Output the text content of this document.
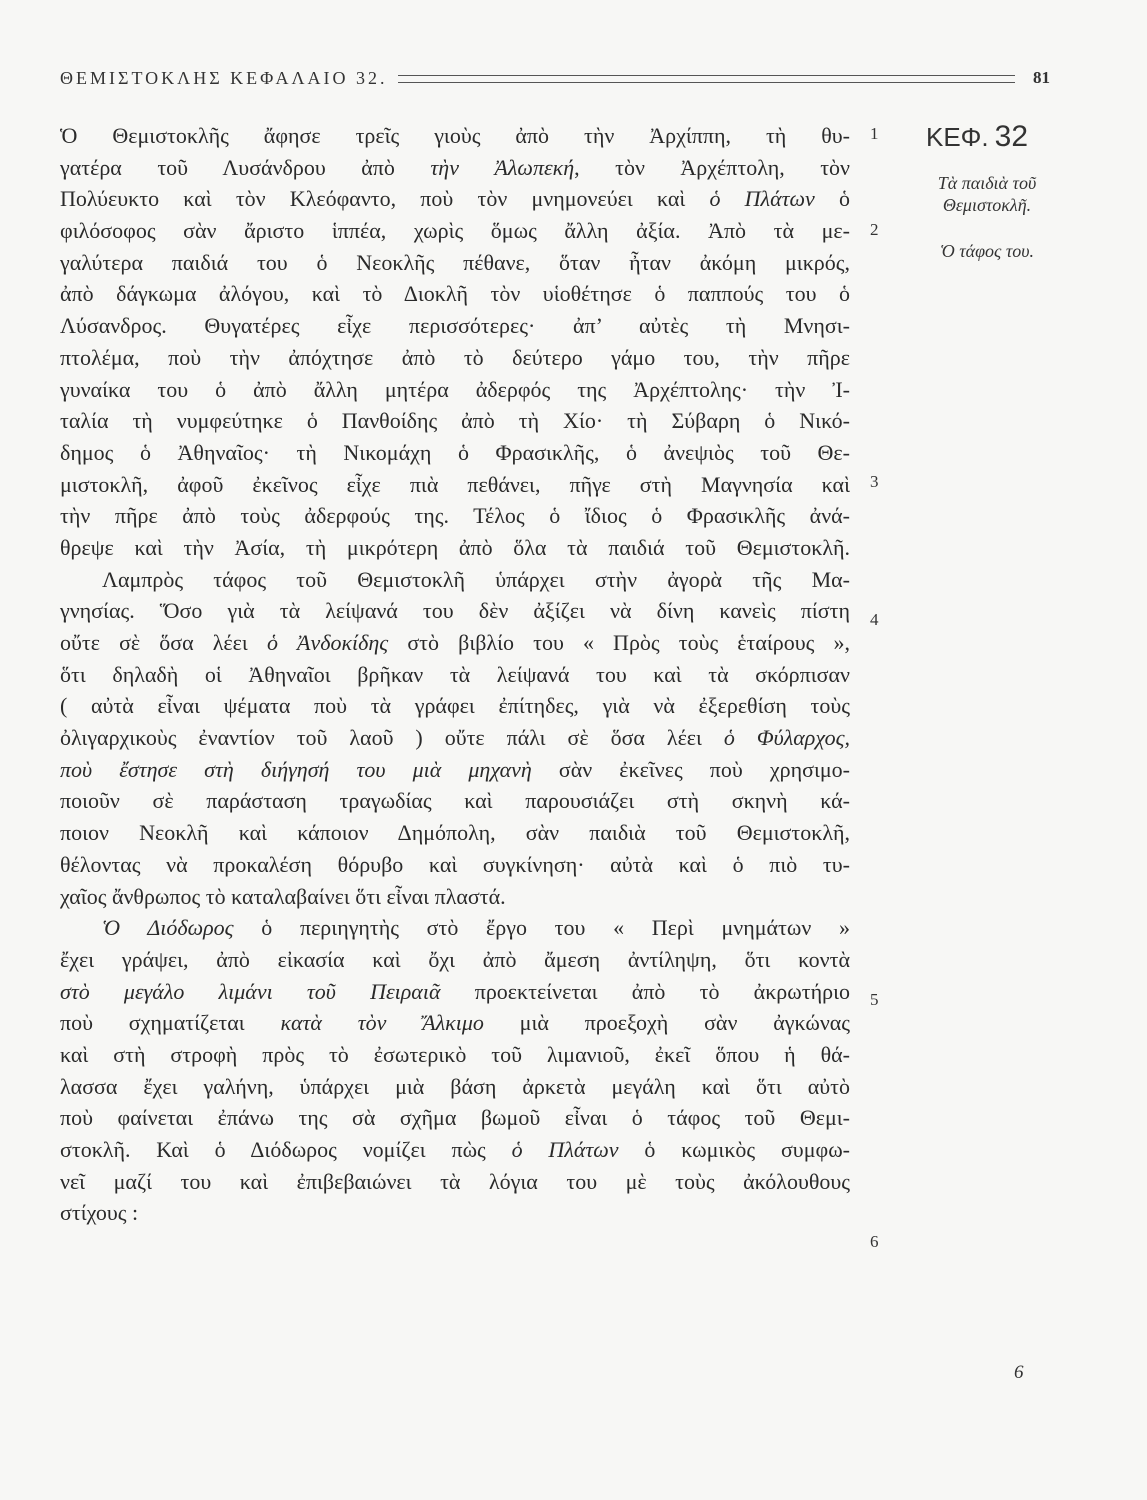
ΘΕΜΙΣΤΟΚΛΗΣ ΚΕΦΑΛΑΙΟ 32.	81
ΚΕΦ. 32
Τὰ παιδιὰ τοῦ Θεμιστοκλῆ.
Ὁ τάφος του.
1
2
3
4
5
6
Ὁ Θεμιστοκλῆς ἄφησε τρεῖς γιοὺς ἀπὸ τὴν Ἀρχίππη, τὴ θυ-
γατέρα τοῦ Λυσάνδρου ἀπὸ τὴν Ἀλωπεκή, τὸν Ἀρχέπτολη, τὸν
Πολύευκτο καὶ τὸν Κλεόφαντο, ποὺ τὸν μνημονεύει καὶ ὁ Πλάτων ὁ
φιλόσοφος σὰν ἄριστο ἱππέα, χωρὶς ὅμως ἄλλη ἀξία. Ἀπὸ τὰ με-
γαλύτερα παιδιά του ὁ Νεοκλῆς πέθανε, ὅταν ἦταν ἀκόμη μικρός,
ἀπὸ δάγκωμα ἀλόγου, καὶ τὸ Διοκλῆ τὸν υἱοθέτησε ὁ παππούς του ὁ
Λύσανδρος. Θυγατέρες εἶχε περισσότερες· ἀπ’ αὐτὲς τὴ Μνησι-
πτολέμα, ποὺ τὴν ἀπόχτησε ἀπὸ τὸ δεύτερο γάμο του, τὴν πῆρε
γυναίκα του ὁ ἀπὸ ἄλλη μητέρα ἀδερφός της Ἀρχέπτολης· τὴν Ἰ-
ταλία τὴ νυμφεύτηκε ὁ Πανθοίδης ἀπὸ τὴ Χίο· τὴ Σύβαρη ὁ Νικό-
δημος ὁ Ἀθηναῖος· τὴ Νικομάχη ὁ Φρασικλῆς, ὁ ἀνεψιὸς τοῦ Θε-
μιστοκλῆ, ἀφοῦ ἐκεῖνος εἶχε πιὰ πεθάνει, πῆγε στὴ Μαγνησία καὶ
τὴν πῆρε ἀπὸ τοὺς ἀδερφούς της. Τέλος ὁ ἴδιος ὁ Φρασικλῆς ἀνά-
θρεψε καὶ τὴν Ἀσία, τὴ μικρότερη ἀπὸ ὅλα τὰ παιδιά τοῦ Θεμιστοκλῆ.
Λαμπρὸς τάφος τοῦ Θεμιστοκλῆ ὑπάρχει στὴν ἀγορὰ τῆς Μα-
γνησίας. Ὅσο γιὰ τὰ λείψανά του δὲν ἀξίζει νὰ δίνη κανεὶς πίστη
οὔτε σὲ ὅσα λέει ὁ Ἀνδοκίδης στὸ βιβλίο του « Πρὸς τοὺς ἑταίρους »,
ὅτι δηλαδὴ οἱ Ἀθηναῖοι βρῆκαν τὰ λείψανά του καὶ τὰ σκόρπισαν
( αὐτὰ εἶναι ψέματα ποὺ τὰ γράφει ἐπίτηδες, γιὰ νὰ ἐξερεθίση τοὺς
ὀλιγαρχικοὺς ἐναντίον τοῦ λαοῦ ) οὔτε πάλι σὲ ὅσα λέει ὁ Φύλαρχος,
ποὺ ἔστησε στὴ διήγησή του μιὰ μηχανὴ σὰν ἐκεῖνες ποὺ χρησιμο-
ποιοῦν σὲ παράσταση τραγωδίας καὶ παρουσιάζει στὴ σκηνὴ κά-
ποιον Νεοκλῆ καὶ κάποιον Δημόπολη, σὰν παιδιὰ τοῦ Θεμιστοκλῆ,
θέλοντας νὰ προκαλέση θόρυβο καὶ συγκίνηση· αὐτὰ καὶ ὁ πιὸ τυ-
χαῖος ἄνθρωπος τὸ καταλαβαίνει ὅτι εἶναι πλαστά.
Ὁ Διόδωρος ὁ περιηγητὴς στὸ ἔργο του « Περὶ μνημάτων »
ἔχει γράψει, ἀπὸ εἰκασία καὶ ὄχι ἀπὸ ἄμεση ἀντίληψη, ὅτι κοντὰ
στὸ μεγάλο λιμάνι τοῦ Πειραιᾶ προεκτείνεται ἀπὸ τὸ ἀκρωτήριο
ποὺ σχηματίζεται κατὰ τὸν Ἄλκιμο μιὰ προεξοχὴ σὰν ἀγκώνας
καὶ στὴ στροφὴ πρὸς τὸ ἐσωτερικὸ τοῦ λιμανιοῦ, ἐκεῖ ὅπου ἡ θά-
λασσα ἔχει γαλήνη, ὑπάρχει μιὰ βάση ἀρκετὰ μεγάλη καὶ ὅτι αὐτὸ
ποὺ φαίνεται ἐπάνω της σὰ σχῆμα βωμοῦ εἶναι ὁ τάφος τοῦ Θεμι-
στοκλῆ. Καὶ ὁ Διόδωρος νομίζει πὼς ὁ Πλάτων ὁ κωμικὸς συμφω-
νεῖ μαζί του καὶ ἐπιβεβαιώνει τὰ λόγια του μὲ τοὺς ἀκόλουθους
στίχους :
6
